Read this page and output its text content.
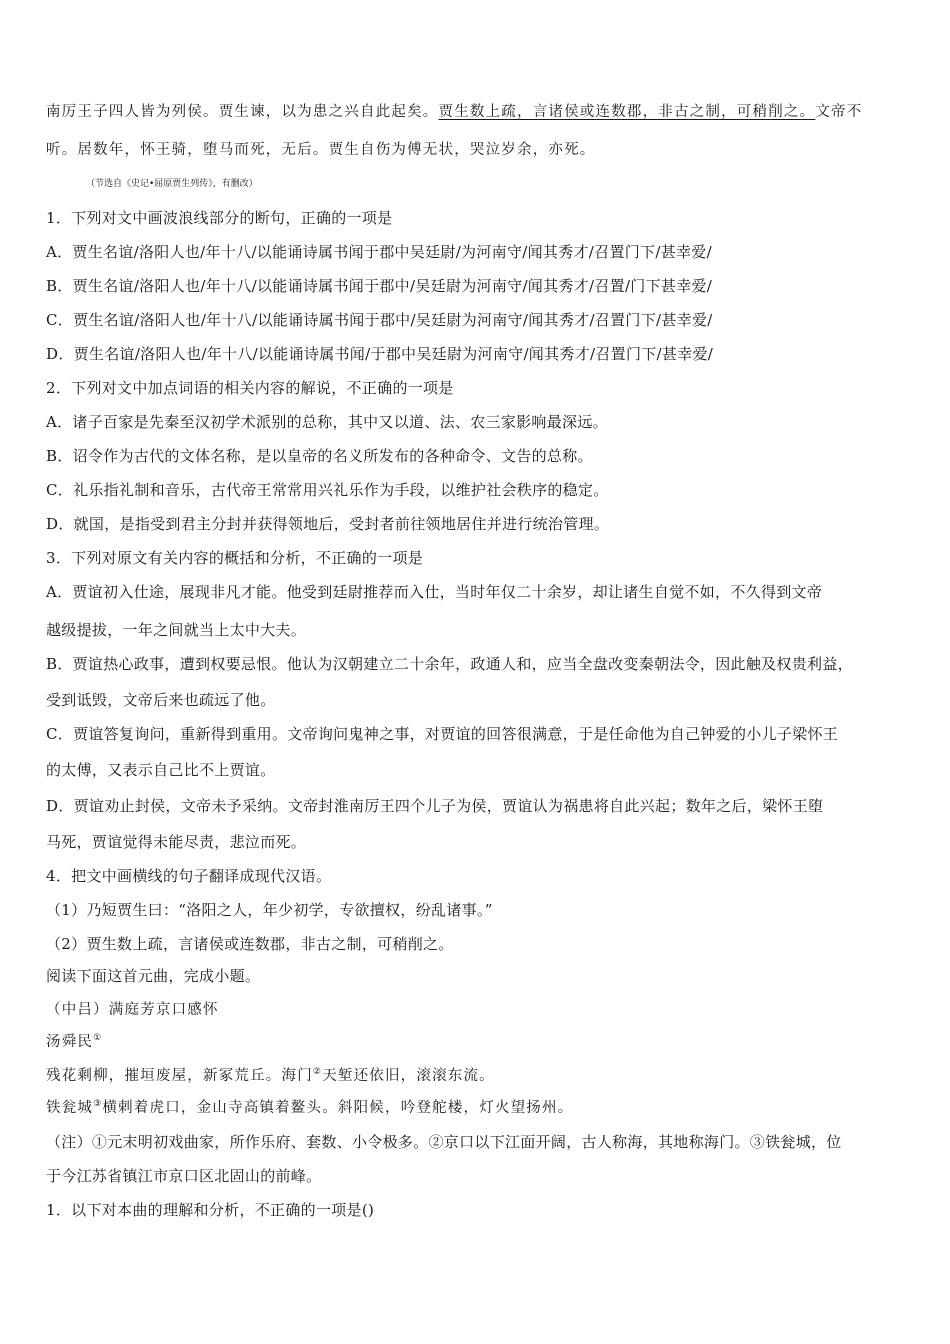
南厉王子四人皆为列侯。贾生谏，以为患之兴自此起矣。贾生数上疏，言诸侯或连数郡，非古之制，可稍削之。文帝不
听。居数年，怀王骑，堕马而死，无后。贾生自伤为傅无状，哭泣岁余，亦死。
（节选自《史记•屈原贾生列传》，有删改）
1．下列对文中画波浪线部分的断句，正确的一项是
A．贾生名谊/洛阳人也/年十八/以能诵诗属书闻于郡中吴廷尉/为河南守/闻其秀才/召置门下/甚幸爱/
B．贾生名谊/洛阳人也/年十八/以能诵诗属书闻于郡中/吴廷尉为河南守/闻其秀才/召置/门下甚幸爱/
C．贾生名谊/洛阳人也/年十八/以能诵诗属书闻于郡中/吴廷尉为河南守/闻其秀才/召置门下/甚幸爱/
D．贾生名谊/洛阳人也/年十八/以能诵诗属书闻/于郡中吴廷尉为河南守/闻其秀才/召置门下/甚幸爱/
2．下列对文中加点词语的相关内容的解说，不正确的一项是
A．诸子百家是先秦至汉初学术派别的总称，其中又以道、法、农三家影响最深远。
B．诏令作为古代的文体名称，是以皇帝的名义所发布的各种命令、文告的总称。
C．礼乐指礼制和音乐，古代帝王常常用兴礼乐作为手段，以维护社会秩序的稳定。
D．就国，是指受到君主分封并获得领地后，受封者前往领地居住并进行统治管理。
3．下列对原文有关内容的概括和分析，不正确的一项是
A．贾谊初入仕途，展现非凡才能。他受到廷尉推荐而入仕，当时年仅二十余岁，却让诸生自觉不如，不久得到文帝
越级提拔，一年之间就当上太中大夫。
B．贾谊热心政事，遭到权要忌恨。他认为汉朝建立二十余年，政通人和，应当全盘改变秦朝法令，因此触及权贵利益，
受到诋毁，文帝后来也疏远了他。
C．贾谊答复询问，重新得到重用。文帝询问鬼神之事，对贾谊的回答很满意，于是任命他为自己钟爱的小儿子梁怀王
的太傅，又表示自己比不上贾谊。
D．贾谊劝止封侯，文帝未予采纳。文帝封淮南厉王四个儿子为侯，贾谊认为祸患将自此兴起；数年之后，梁怀王堕
马死，贾谊觉得未能尽责，悲泣而死。
4．把文中画横线的句子翻译成现代汉语。
（1）乃短贾生曰：“洛阳之人，年少初学，专欲擅权，纷乱诸事。”
（2）贾生数上疏，言诸侯或连数郡，非古之制，可稍削之。
阅读下面这首元曲，完成小题。
（中吕）满庭芳京口感怀
汤舜民①
残花剩柳，摧垣废屋，新冢荒丘。海门②天堑还依旧，滚滚东流。
铁瓮城③横剌着虎口，金山寺高镇着鳌头。斜阳候，吟登舵楼，灯火望扬州。
（注）①元末明初戏曲家，所作乐府、套数、小令极多。②京口以下江面开阔，古人称海，其地称海门。③铁瓮城，位
于今江苏省镇江市京口区北固山的前峰。
1．以下对本曲的理解和分析，不正确的一项是()
